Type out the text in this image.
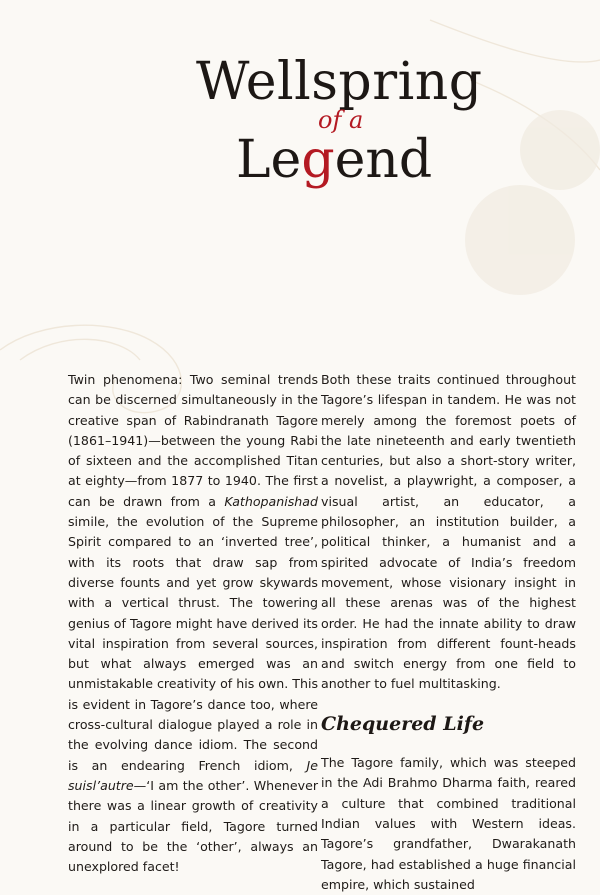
Wellspring
of a
Legend

Twin phenomena: Two seminal trends can be discerned simultaneously in the creative span of Rabindranath Tagore (1861–1941)—between the young Rabi of sixteen and the accomplished Titan at eighty—from 1877 to 1940. The first can be drawn from a Kathopanishad simile, the evolution of the Supreme Spirit compared to an ‘inverted tree’, with its roots that draw sap from diverse founts and yet grow skywards with a vertical thrust. The towering genius of Tagore might have derived its vital inspiration from several sources, but what always emerged was an unmistakable creativity of his own. This is evident in Tagore’s dance too, where cross-cultural dialogue played a role in the evolving dance idiom. The second is an endearing French idiom, Je suisl’autre—‘I am the other’. Whenever there was a linear growth of creativity in a particular field, Tagore turned around to be the ‘other’, always an unexplored facet!

Both these traits continued throughout Tagore’s lifespan in tandem. He was not merely among the foremost poets of the late nineteenth and early twentieth centuries, but also a short-story writer, a novelist, a playwright, a composer, a visual artist, an educator, a philosopher, an institution builder, a political thinker, a humanist and a spirited advocate of India’s freedom movement, whose visionary insight in all these arenas was of the highest order. He had the innate ability to draw inspiration from different fount-heads and switch energy from one field to another to fuel multitasking.

Chequered Life

The Tagore family, which was steeped in the Adi Brahmo Dharma faith, reared a culture that combined traditional Indian values with Western ideas. Tagore’s grandfather, Dwarakanath Tagore, had established a huge financial empire, which sustained
